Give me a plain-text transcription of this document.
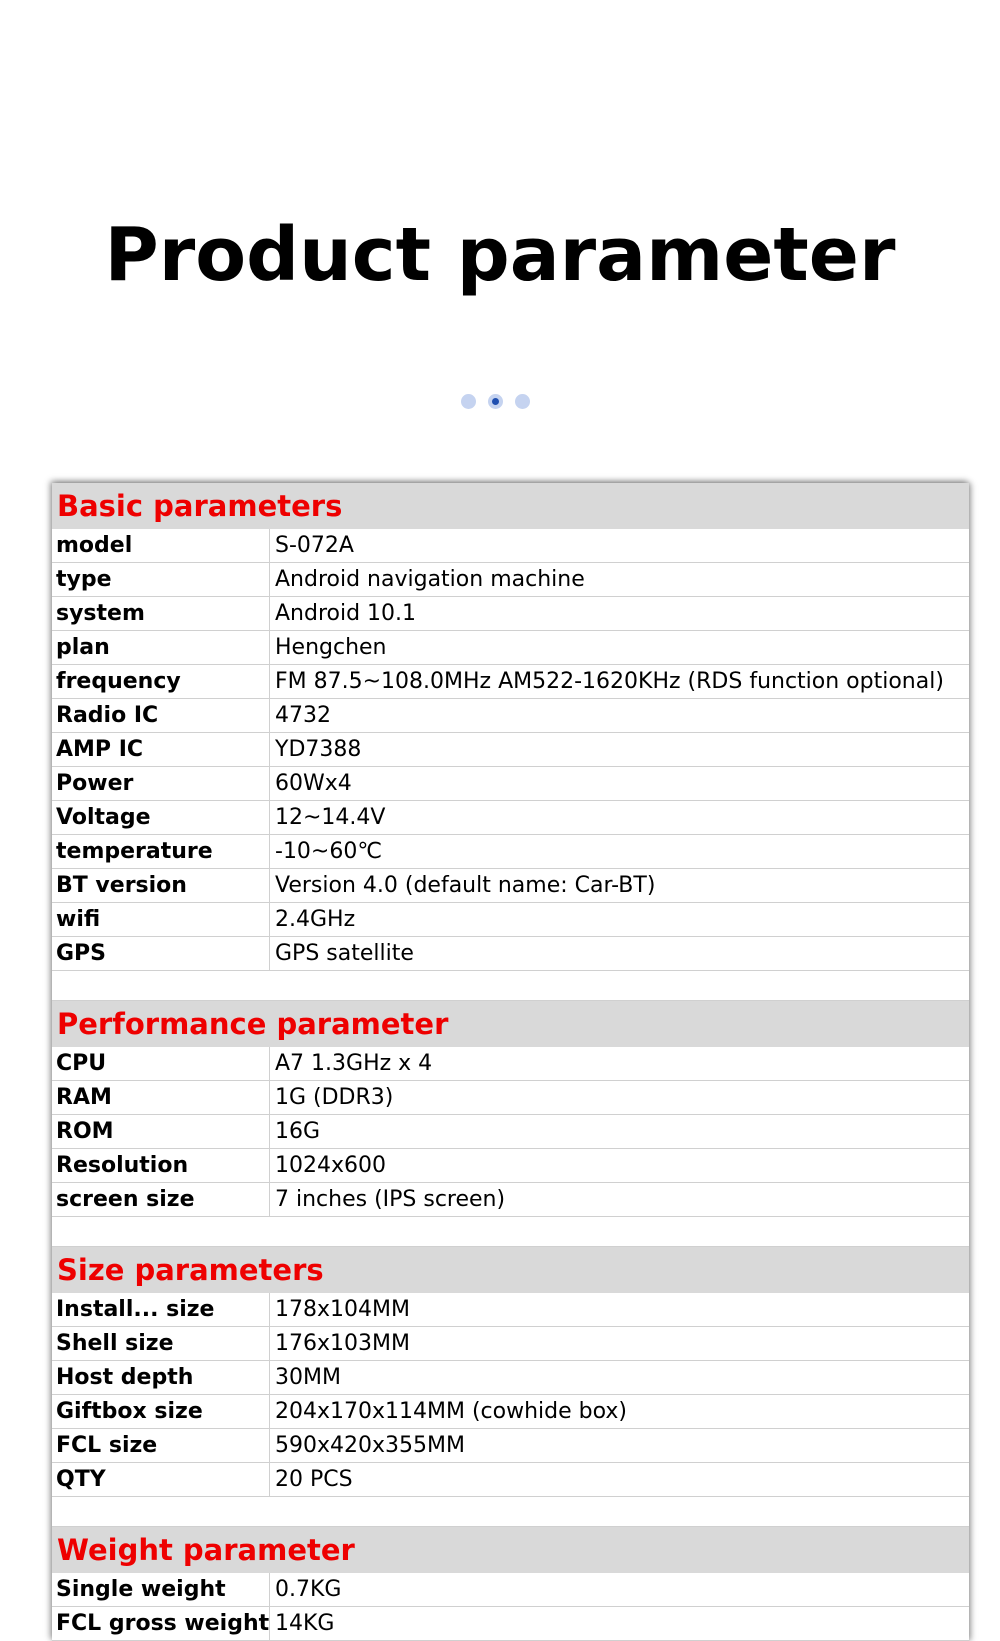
Product parameter
Basic parameters
model	S-072A
type	Android navigation machine
system	Android 10.1
plan	Hengchen
frequency	FM 87.5~108.0MHz AM522-1620KHz (RDS function optional)
Radio IC	4732
AMP IC	YD7388
Power	60Wx4
Voltage	12~14.4V
temperature	-10~60℃
BT version	Version 4.0 (default name: Car-BT)
wifi	2.4GHz
GPS	GPS satellite
Performance parameter
CPU	A7 1.3GHz x 4
RAM	1G (DDR3)
ROM	16G
Resolution	1024x600
screen size	7 inches (IPS screen)
Size parameters
Install... size	178x104MM
Shell size	176x103MM
Host depth	30MM
Giftbox size	204x170x114MM (cowhide box)
FCL size	590x420x355MM
QTY	20 PCS
Weight parameter
Single weight	0.7KG
FCL gross weight 14KG
